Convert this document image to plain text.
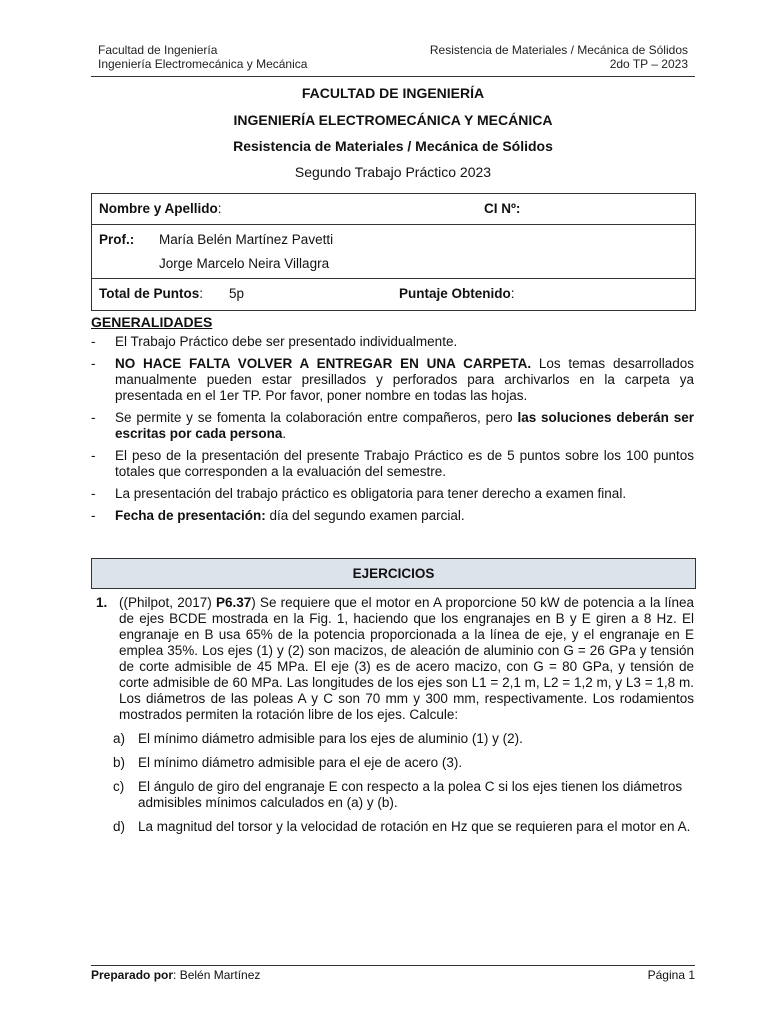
Facultad de Ingeniería
Ingeniería Electromecánica y Mecánica
Resistencia de Materiales / Mecánica de Sólidos
2do TP – 2023
FACULTAD DE INGENIERÍA
INGENIERÍA ELECTROMECÁNICA Y MECÁNICA
Resistencia de Materiales / Mecánica de Sólidos
Segundo Trabajo Práctico 2023
Nombre y Apellido:	CI Nº:
Prof.: María Belén Martínez Pavetti
Jorge Marcelo Neira Villagra
Total de Puntos: 5p	Puntaje Obtenido:
GENERALIDADES
- El Trabajo Práctico debe ser presentado individualmente.
- NO HACE FALTA VOLVER A ENTREGAR EN UNA CARPETA. Los temas desarrollados manualmente pueden estar presillados y perforados para archivarlos en la carpeta ya presentada en el 1er TP. Por favor, poner nombre en todas las hojas.
- Se permite y se fomenta la colaboración entre compañeros, pero las soluciones deberán ser escritas por cada persona.
- El peso de la presentación del presente Trabajo Práctico es de 5 puntos sobre los 100 puntos totales que corresponden a la evaluación del semestre.
- La presentación del trabajo práctico es obligatoria para tener derecho a examen final.
- Fecha de presentación: día del segundo examen parcial.
EJERCICIOS
1. ((Philpot, 2017) P6.37) Se requiere que el motor en A proporcione 50 kW de potencia a la línea de ejes BCDE mostrada en la Fig. 1, haciendo que los engranajes en B y E giren a 8 Hz. El engranaje en B usa 65% de la potencia proporcionada a la línea de eje, y el engranaje en E emplea 35%. Los ejes (1) y (2) son macizos, de aleación de aluminio con G = 26 GPa y tensión de corte admisible de 45 MPa. El eje (3) es de acero macizo, con G = 80 GPa, y tensión de corte admisible de 60 MPa. Las longitudes de los ejes son L1 = 2,1 m, L2 = 1,2 m, y L3 = 1,8 m. Los diámetros de las poleas A y C son 70 mm y 300 mm, respectivamente. Los rodamientos mostrados permiten la rotación libre de los ejes. Calcule:
a) El mínimo diámetro admisible para los ejes de aluminio (1) y (2).
b) El mínimo diámetro admisible para el eje de acero (3).
c) El ángulo de giro del engranaje E con respecto a la polea C si los ejes tienen los diámetros admisibles mínimos calculados en (a) y (b).
d) La magnitud del torsor y la velocidad de rotación en Hz que se requieren para el motor en A.
Preparado por: Belén Martínez	Página 1
